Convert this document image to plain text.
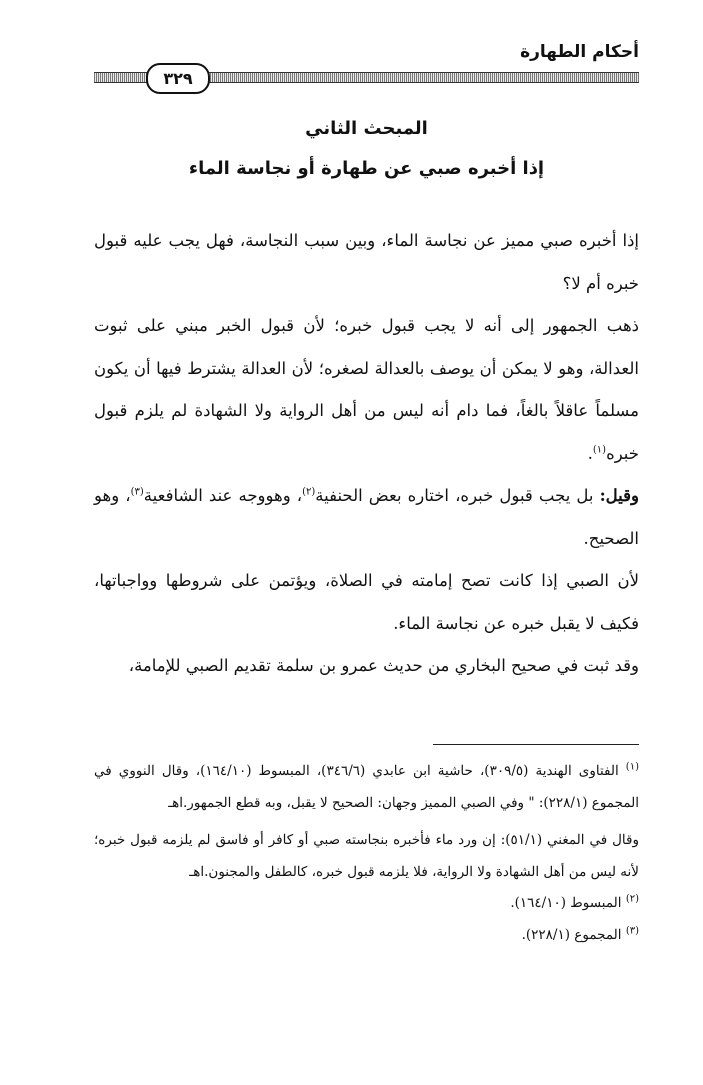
أحكام الطهارة
٣٢٩
المبحث الثاني
إذا أخبره صبي عن طهارة أو نجاسة الماء

إذا أخبره صبي مميز عن نجاسة الماء، وبين سبب النجاسة، فهل يجب عليه قبول خبره أم لا؟

ذهب الجمهور إلى أنه لا يجب قبول خبره؛ لأن قبول الخبر مبني على ثبوت العدالة، وهو لا يمكن أن يوصف بالعدالة لصغره؛ لأن العدالة يشترط فيها أن يكون مسلماً عاقلاً بالغاً، فما دام أنه ليس من أهل الرواية ولا الشهادة لم يلزم قبول خبره$^{(١)}$.

وقيل: بل يجب قبول خبره، اختاره بعض الحنفية$^{(٢)}$، وهووجه عند الشافعية$^{(٣)}$، وهو الصحيح.

لأن الصبي إذا كانت تصح إمامته في الصلاة، ويؤتمن على شروطها وواجباتها، فكيف لا يقبل خبره عن نجاسة الماء.

وقد ثبت في صحيح البخاري من حديث عمرو بن سلمة تقديم الصبي للإمامة،

$^{(١)}$ الفتاوى الهندية (٣٠٩/٥)، حاشية ابن عابدي (٣٤٦/٦)، المبسوط (١٦٤/١٠)، وقال النووي في المجموع (٢٢٨/١): " وفي الصبي المميز وجهان: الصحيح لا يقبل، وبه قطع الجمهور.اهـ

وقال في المغني (٥١/١): إن ورد ماء فأخبره بنجاسته صبي أو كافر أو فاسق لم يلزمه قبول خبره؛ لأنه ليس من أهل الشهادة ولا الرواية، فلا يلزمه قبول خبره، كالطفل والمجنون.اهـ

$^{(٢)}$ المبسوط (١٦٤/١٠).

$^{(٣)}$ المجموع (٢٢٨/١).
